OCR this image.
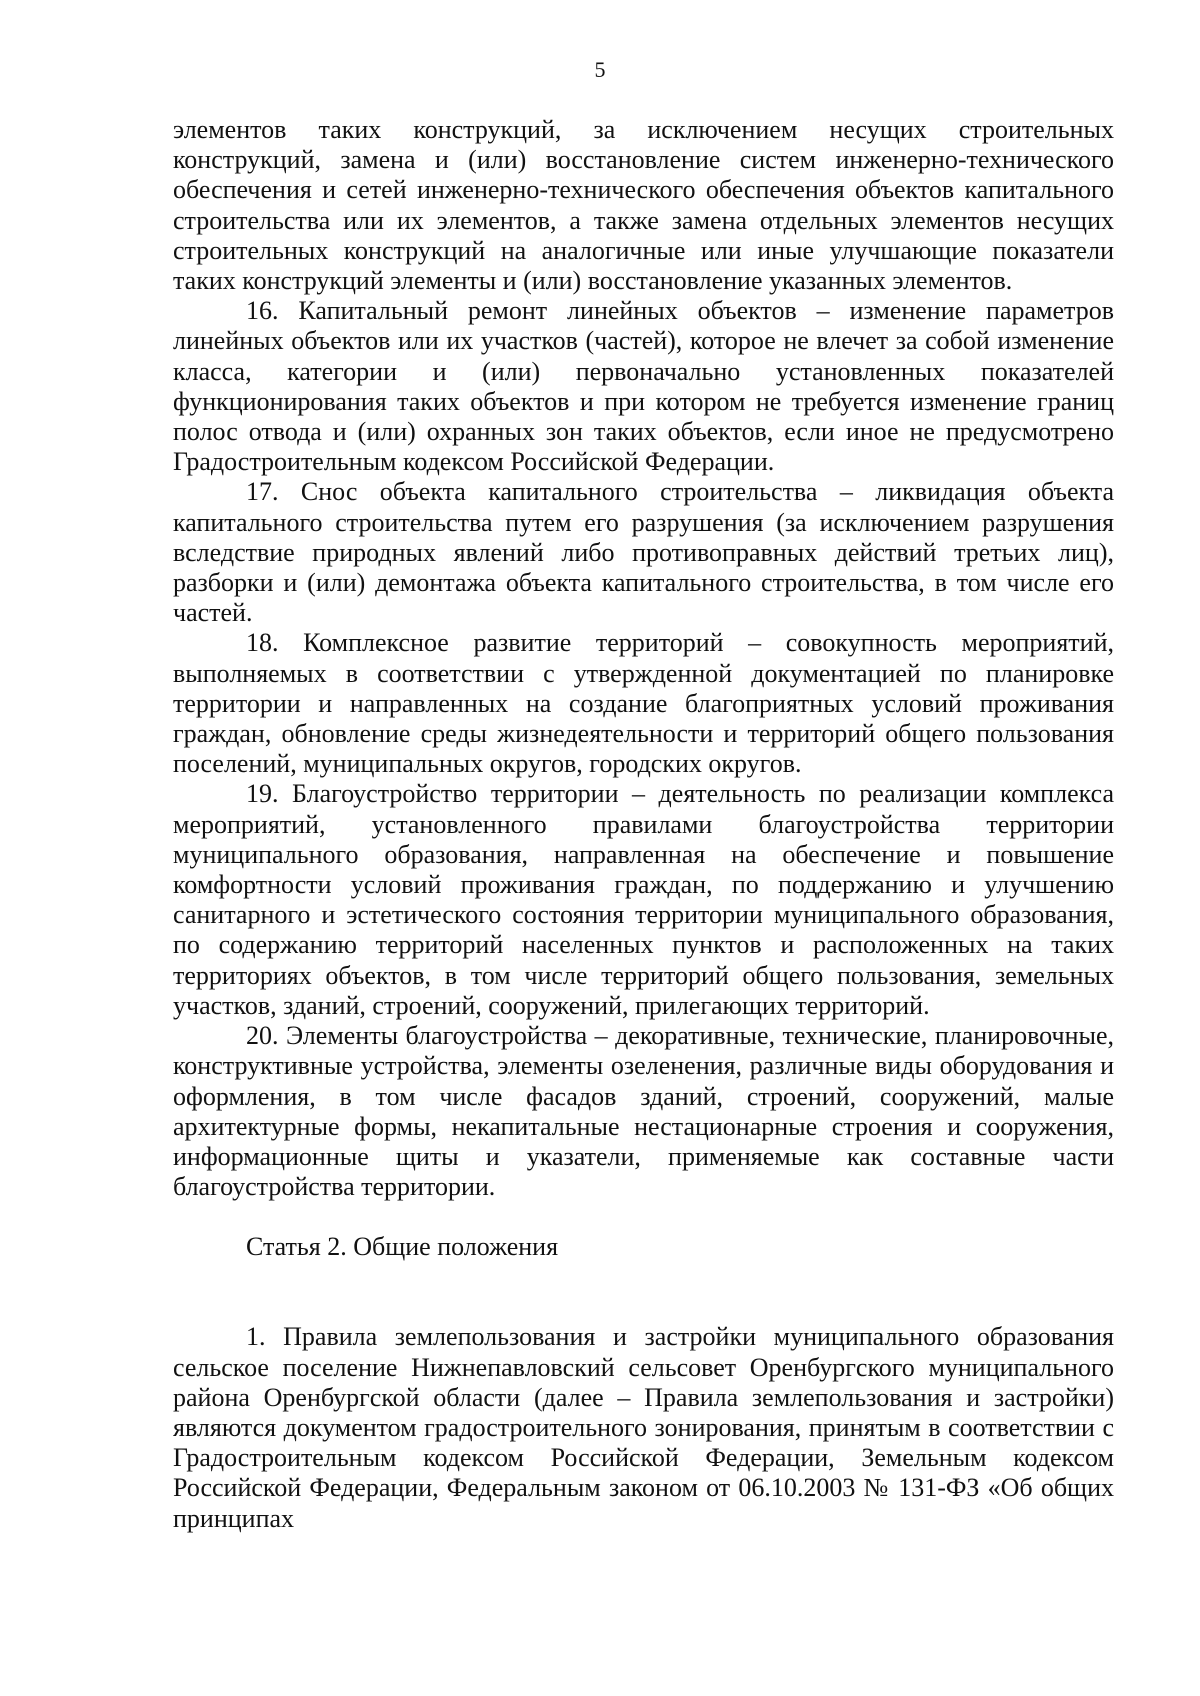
5

элементов таких конструкций, за исключением несущих строительных конструкций, замена и (или) восстановление систем инженерно-технического обеспечения и сетей инженерно-технического обеспечения объектов капитального строительства или их элементов, а также замена отдельных элементов несущих строительных конструкций на аналогичные или иные улучшающие показатели таких конструкций элементы и (или) восстановление указанных элементов.

16. Капитальный ремонт линейных объектов – изменение параметров линейных объектов или их участков (частей), которое не влечет за собой изменение класса, категории и (или) первоначально установленных показателей функционирования таких объектов и при котором не требуется изменение границ полос отвода и (или) охранных зон таких объектов, если иное не предусмотрено Градостроительным кодексом Российской Федерации.

17. Снос объекта капитального строительства – ликвидация объекта капитального строительства путем его разрушения (за исключением разрушения вследствие природных явлений либо противоправных действий третьих лиц), разборки и (или) демонтажа объекта капитального строительства, в том числе его частей.

18. Комплексное развитие территорий – совокупность мероприятий, выполняемых в соответствии с утвержденной документацией по планировке территории и направленных на создание благоприятных условий проживания граждан, обновление среды жизнедеятельности и территорий общего пользования поселений, муниципальных округов, городских округов.

19. Благоустройство территории – деятельность по реализации комплекса мероприятий, установленного правилами благоустройства территории муниципального образования, направленная на обеспечение и повышение комфортности условий проживания граждан, по поддержанию и улучшению санитарного и эстетического состояния территории муниципального образования, по содержанию территорий населенных пунктов и расположенных на таких территориях объектов, в том числе территорий общего пользования, земельных участков, зданий, строений, сооружений, прилегающих территорий.

20. Элементы благоустройства – декоративные, технические, планировочные, конструктивные устройства, элементы озеленения, различные виды оборудования и оформления, в том числе фасадов зданий, строений, сооружений, малые архитектурные формы, некапитальные нестационарные строения и сооружения, информационные щиты и указатели, применяемые как составные части благоустройства территории.

Статья 2. Общие положения

1. Правила землепользования и застройки муниципального образования сельское поселение Нижнепавловский сельсовет Оренбургского муниципального района Оренбургской области (далее – Правила землепользования и застройки) являются документом градостроительного зонирования, принятым в соответствии с Градостроительным кодексом Российской Федерации, Земельным кодексом Российской Федерации, Федеральным законом от 06.10.2003 № 131-ФЗ «Об общих принципах
